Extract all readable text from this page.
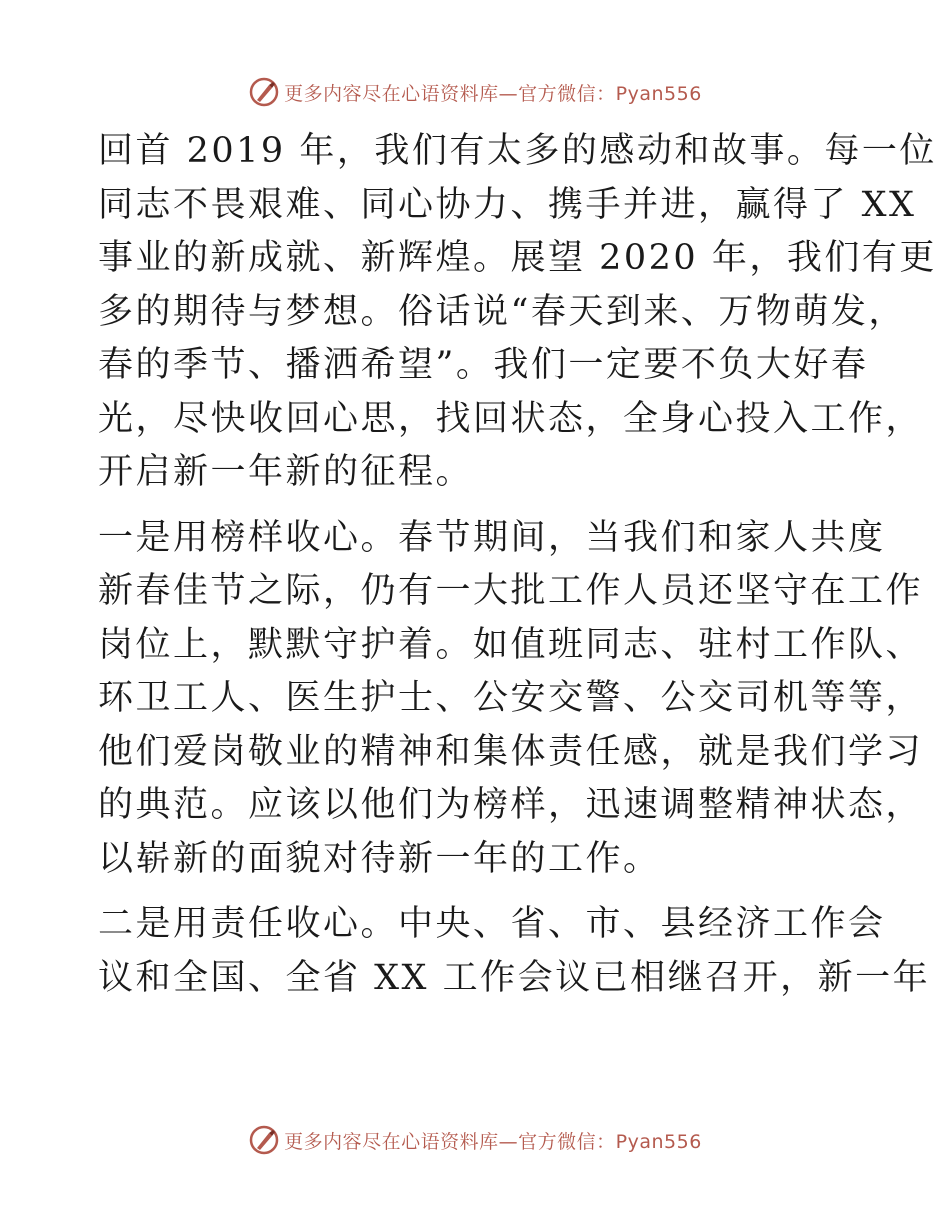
更多内容尽在心语资料库—官方微信：Pyan556
回首 2019 年，我们有太多的感动和故事。每一位
同志不畏艰难、同心协力、携手并进，赢得了 XX
事业的新成就、新辉煌。展望 2020 年，我们有更
多的期待与梦想。俗话说“春天到来、万物萌发，
春的季节、播洒希望”。我们一定要不负大好春
光，尽快收回心思，找回状态，全身心投入工作，
开启新一年新的征程。
一是用榜样收心。春节期间，当我们和家人共度
新春佳节之际，仍有一大批工作人员还坚守在工作
岗位上，默默守护着。如值班同志、驻村工作队、
环卫工人、医生护士、公安交警、公交司机等等，
他们爱岗敬业的精神和集体责任感，就是我们学习
的典范。应该以他们为榜样，迅速调整精神状态，
以崭新的面貌对待新一年的工作。
二是用责任收心。中央、省、市、县经济工作会
议和全国、全省 XX 工作会议已相继召开，新一年
更多内容尽在心语资料库—官方微信：Pyan556
